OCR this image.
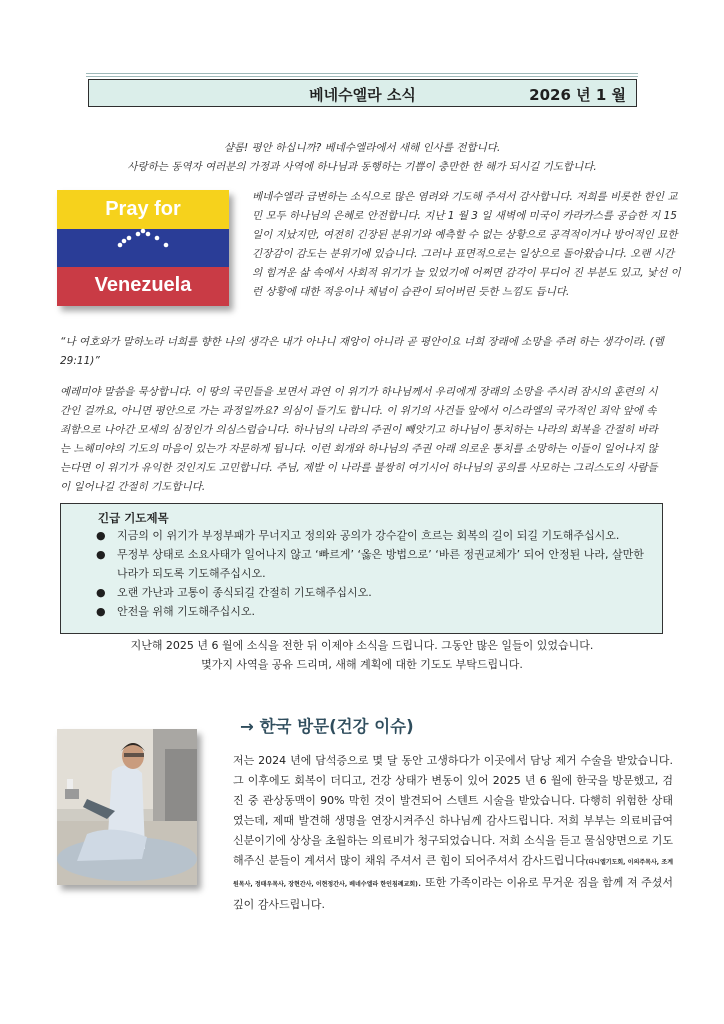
베네수엘라 소식	2026 년 1 월
샬롬! 평안 하십니까? 베네수엘라에서 새해 인사를 전합니다.
사랑하는 동역자 여러분의 가정과 사역에 하나님과 동행하는 기쁨이 충만한 한 해가 되시길 기도합니다.
Pray for
Venezuela
베네수엘라 급변하는 소식으로 많은 염려와 기도해 주셔서 감사합니다. 저희를 비롯한 한인 교민 모두 하나님의 은혜로 안전합니다. 지난 1 월 3 일 새벽에 미국이 카라카스를 공습한 지 15 일이 지났지만, 여전히 긴장된 분위기와 예측할 수 없는 상황으로 공격적이거나 방어적인 묘한 긴장감이 감도는 분위기에 있습니다. 그러나 표면적으로는 일상으로 돌아왔습니다. 오랜 시간의 힘겨운 삶 속에서 사회적 위기가 늘 있었기에 어쩌면 감각이 무디어 진 부분도 있고, 낯선 이런 상황에 대한 적응이나 체념이 습관이 되어버린 듯한 느낌도 듭니다.
“나 여호와가 말하노라 너희를 향한 나의 생각은 내가 아나니 재앙이 아니라 곧 평안이요 너희 장래에 소망을 주려 하는 생각이라. (렘 29:11)”
예레미야 말씀을 묵상합니다. 이 땅의 국민들을 보면서 과연 이 위기가 하나님께서 우리에게 장래의 소망을 주시려 잠시의 훈련의 시간인 걸까요, 아니면 평안으로 가는 과정일까요? 의심이 들기도 합니다. 이 위기의 사건들 앞에서 이스라엘의 국가적인 죄악 앞에 속죄함으로 나아간 모세의 심정인가 의심스럽습니다. 하나님의 나라의 주권이 빼앗기고 하나님이 통치하는 나라의 회복을 간절히 바라는 느헤미야의 기도의 마음이 있는가 자문하게 됩니다. 이런 회개와 하나님의 주권 아래 의로운 통치를 소망하는 이들이 일어나지 않는다면 이 위기가 유익한 것인지도 고민합니다. 주님, 제발 이 나라를 불쌍히 여기시어 하나님의 공의를 사모하는 그리스도의 사람들이 일어나길 간절히 기도합니다.
긴급 기도제목
● 지금의 이 위기가 부정부패가 무너지고 정의와 공의가 강수같이 흐르는 회복의 길이 되길 기도해주십시오.
● 무정부 상태로 소요사태가 일어나지 않고 ‘빠르게’ ‘옳은 방법으로’ ‘바른 정권교체가’ 되어 안정된 나라, 살만한 나라가 되도록 기도해주십시오.
● 오랜 가난과 고통이 종식되길 간절히 기도해주십시오.
● 안전을 위해 기도해주십시오.
지난해 2025 년 6 월에 소식을 전한 뒤 이제야 소식을 드립니다. 그동안 많은 일들이 있었습니다.
몇가지 사역을 공유 드리며, 새해 계획에 대한 기도도 부탁드립니다.
→ 한국 방문(건강 이슈)
저는 2024 년에 담석증으로 몇 달 동안 고생하다가 이곳에서 담낭 제거 수술을 받았습니다. 그 이후에도 회복이 더디고, 건강 상태가 변동이 있어 2025 년 6 월에 한국을 방문했고, 검진 중 관상동맥이 90% 막힌 것이 발견되어 스텐트 시술을 받았습니다. 다행히 위험한 상태였는데, 제때 발견해 생명을 연장시켜주신 하나님께 감사드립니다. 저희 부부는 의료비급여 신분이기에 상상을 초월하는 의료비가 청구되었습니다. 저희 소식을 듣고 물심양면으로 기도해주신 분들이 계셔서 많이 채워 주셔서 큰 힘이 되어주셔서 감사드립니다(다니엘기도회, 이의주목사, 조계원목사, 정태우목사, 장현간사, 이현정간사, 베네수엘라 한인침례교회). 또한 가족이라는 이유로 무거운 짐을 함께 져 주셨서 깊이 감사드립니다.
